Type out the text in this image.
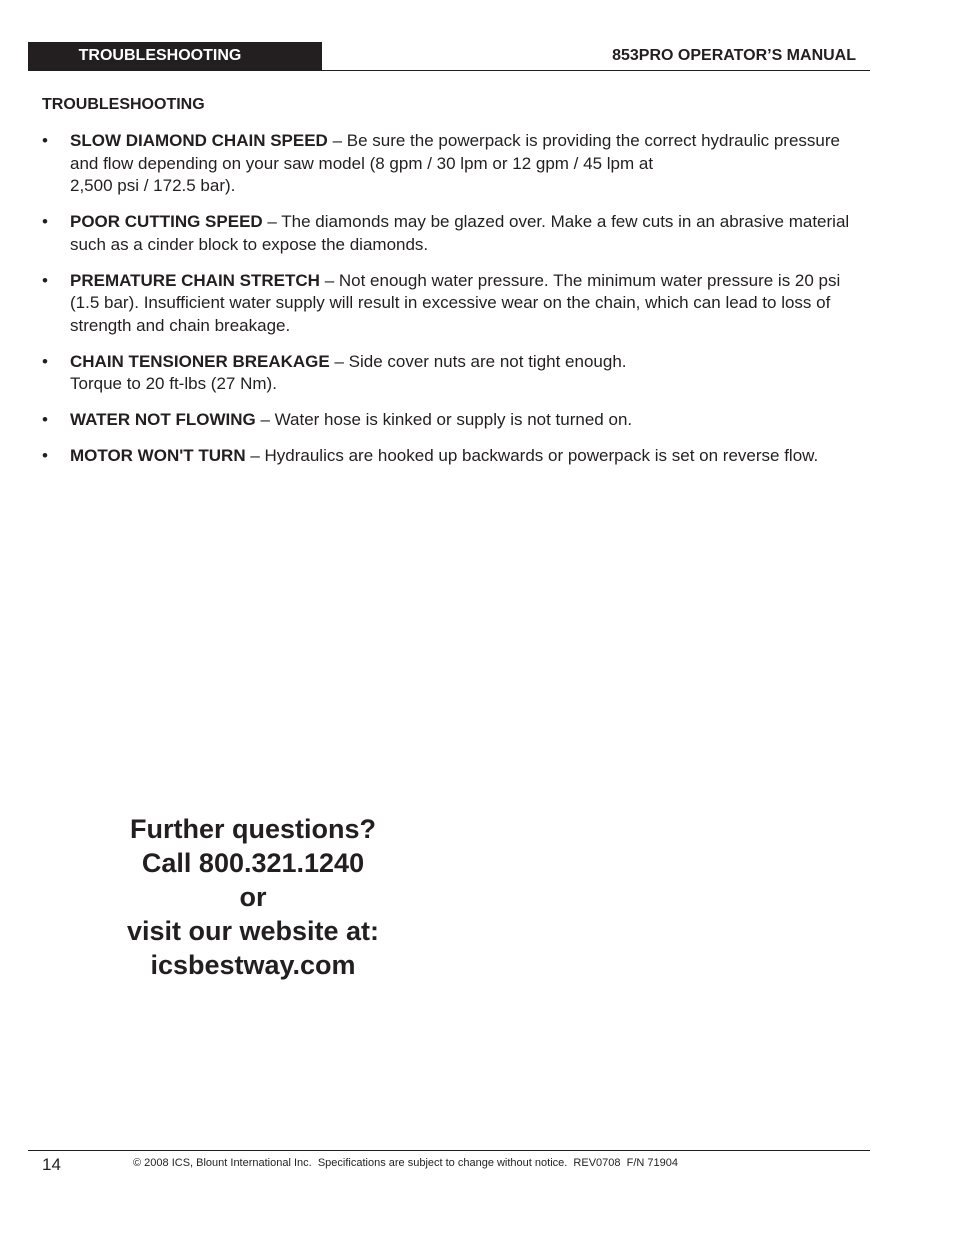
TROUBLESHOOTING	853PRO OPERATOR’S MANUAL
TROUBLESHOOTING
• SLOW DIAMOND CHAIN SPEED – Be sure the powerpack is providing the correct hydraulic pressure and flow depending on your saw model (8 gpm / 30 lpm or 12 gpm / 45 lpm at
2,500 psi / 172.5 bar).
• POOR CUTTING SPEED – The diamonds may be glazed over. Make a few cuts in an abrasive material such as a cinder block to expose the diamonds.
• PREMATURE CHAIN STRETCH – Not enough water pressure. The minimum water pressure is 20 psi (1.5 bar). Insufficient water supply will result in excessive wear on the chain, which can lead to loss of strength and chain breakage.
• CHAIN TENSIONER BREAKAGE – Side cover nuts are not tight enough.
Torque to 20 ft-lbs (27 Nm).
• WATER NOT FLOWING – Water hose is kinked or supply is not turned on.
• MOTOR WON'T TURN – Hydraulics are hooked up backwards or powerpack is set on reverse flow.
Further questions?
Call 800.321.1240
or
visit our website at:
icsbestway.com
14	© 2008 ICS, Blount International Inc.  Specifications are subject to change without notice.  REV0708  F/N 71904
